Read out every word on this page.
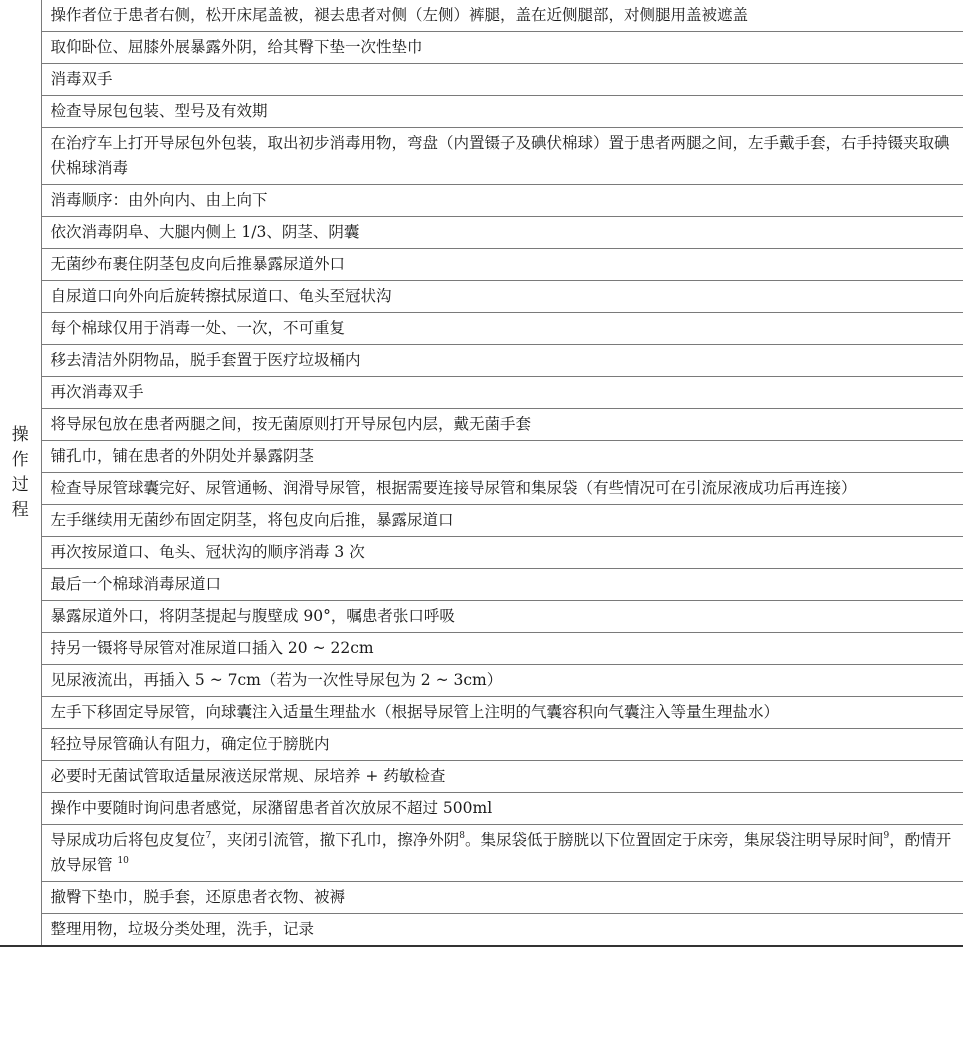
操作过程	操作者位于患者右侧，松开床尾盖被，褪去患者对侧（左侧）裤腿，盖在近侧腿部，对侧腿用盖被遮盖
取仰卧位、屈膝外展暴露外阴，给其臀下垫一次性垫巾
消毒双手
检查导尿包包装、型号及有效期
在治疗车上打开导尿包外包装，取出初步消毒用物，弯盘（内置镊子及碘伏棉球）置于患者两腿之间，左手戴手套，右手持镊夹取碘伏棉球消毒
消毒顺序：由外向内、由上向下
依次消毒阴阜、大腿内侧上 1/3、阴茎、阴囊
无菌纱布裹住阴茎包皮向后推暴露尿道外口
自尿道口向外向后旋转擦拭尿道口、龟头至冠状沟
每个棉球仅用于消毒一处、一次，不可重复
移去清洁外阴物品，脱手套置于医疗垃圾桶内
再次消毒双手
将导尿包放在患者两腿之间，按无菌原则打开导尿包内层，戴无菌手套
铺孔巾，铺在患者的外阴处并暴露阴茎
检查导尿管球囊完好、尿管通畅、润滑导尿管，根据需要连接导尿管和集尿袋（有些情况可在引流尿液成功后再连接）
左手继续用无菌纱布固定阴茎，将包皮向后推，暴露尿道口
再次按尿道口、龟头、冠状沟的顺序消毒 3 次
最后一个棉球消毒尿道口
暴露尿道外口，将阴茎提起与腹壁成 90°，嘱患者张口呼吸
持另一镊将导尿管对准尿道口插入 20 ~ 22cm
见尿液流出，再插入 5 ~ 7cm（若为一次性导尿包为 2 ~ 3cm）
左手下移固定导尿管，向球囊注入适量生理盐水（根据导尿管上注明的气囊容积向气囊注入等量生理盐水）
轻拉导尿管确认有阻力，确定位于膀胱内
必要时无菌试管取适量尿液送尿常规、尿培养 + 药敏检查
操作中要随时询问患者感觉，尿潴留患者首次放尿不超过 500ml
导尿成功后将包皮复位$^7$，夹闭引流管，撤下孔巾，擦净外阴$^8$。集尿袋低于膀胱以下位置固定于床旁，集尿袋注明导尿时间$^9$，酌情开放导尿管 $^{10}$
撤臀下垫巾，脱手套，还原患者衣物、被褥
整理用物，垃圾分类处理，洗手，记录
